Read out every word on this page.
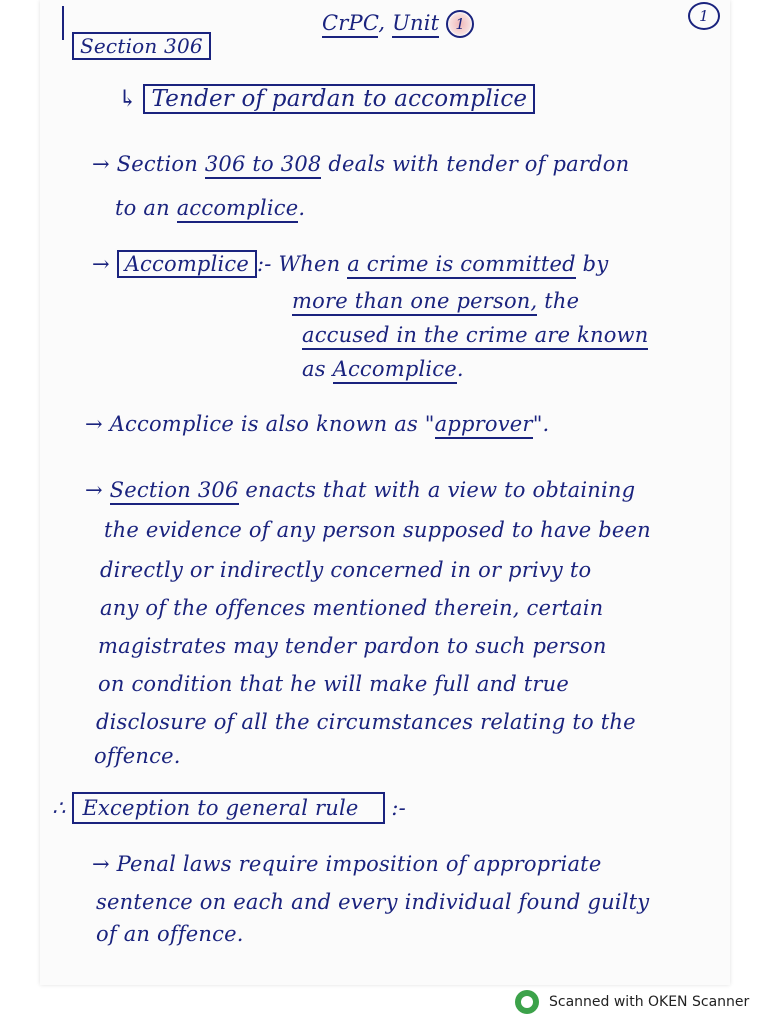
CrPC, Unit 1	1
Section 306
↳ Tender of pardan to accomplice
→ Section 306 to 308 deals with tender of pardon
to an accomplice.
→ Accomplice :- When a crime is committed by
more than one person, the
accused in the crime are known
as Accomplice.
→ Accomplice is also known as "approver".
→ Section 306 enacts that with a view to obtaining
the evidence of any person supposed to have been
directly or indirectly concerned in or privy to
any of the offences mentioned therein, certain
magistrates may tender pardon to such person
on condition that he will make full and true
disclosure of all the circumstances relating to the
offence.
∴ Exception to general rule :-
→ Penal laws require imposition of appropriate
sentence on each and every individual found guilty
of an offence.
Scanned with OKEN Scanner
